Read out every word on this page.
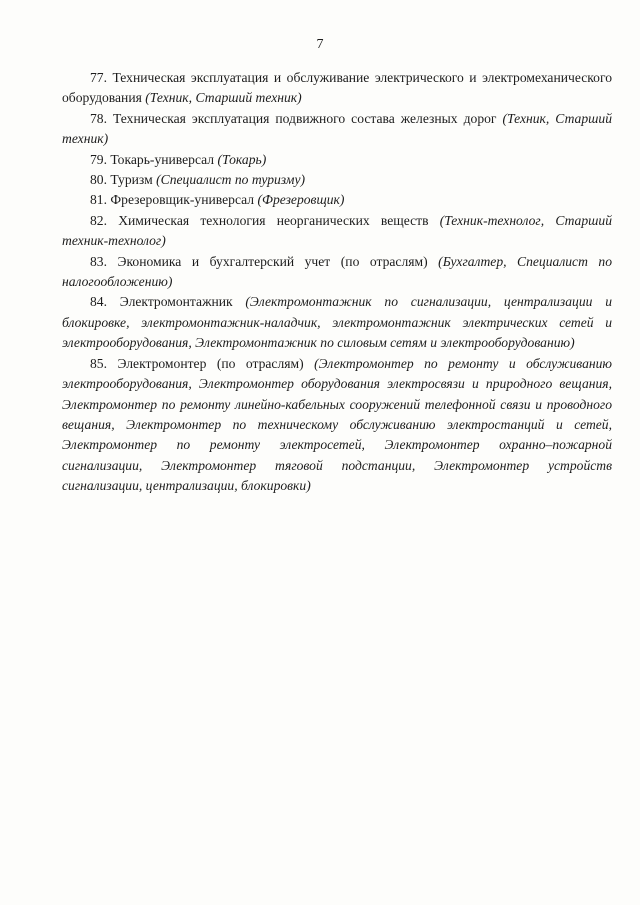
7

77. Техническая эксплуатация и обслуживание электрического и электромеханического оборудования (Техник, Старший техник)

78. Техническая эксплуатация подвижного состава железных дорог (Техник, Старший техник)

79. Токарь-универсал (Токарь)

80. Туризм (Специалист по туризму)

81. Фрезеровщик-универсал (Фрезеровщик)

82. Химическая технология неорганических веществ (Техник-технолог, Старший техник-технолог)

83. Экономика и бухгалтерский учет (по отраслям) (Бухгалтер, Специалист по налогообложению)

84. Электромонтажник (Электромонтажник по сигнализации, централизации и блокировке, электромонтажник-наладчик, электромонтажник электрических сетей и электрооборудования, Электромонтажник по силовым сетям и электрооборудованию)

85. Электромонтер (по отраслям) (Электромонтер по ремонту и обслуживанию электрооборудования, Электромонтер оборудования электросвязи и природного вещания, Электромонтер по ремонту линейно-кабельных сооружений телефонной связи и проводного вещания, Электромонтер по техническому обслуживанию электростанций и сетей, Электромонтер по ремонту электросетей, Электромонтер охранно–пожарной сигнализации, Электромонтер тяговой подстанции, Электромонтер устройств сигнализации, централизации, блокировки)
